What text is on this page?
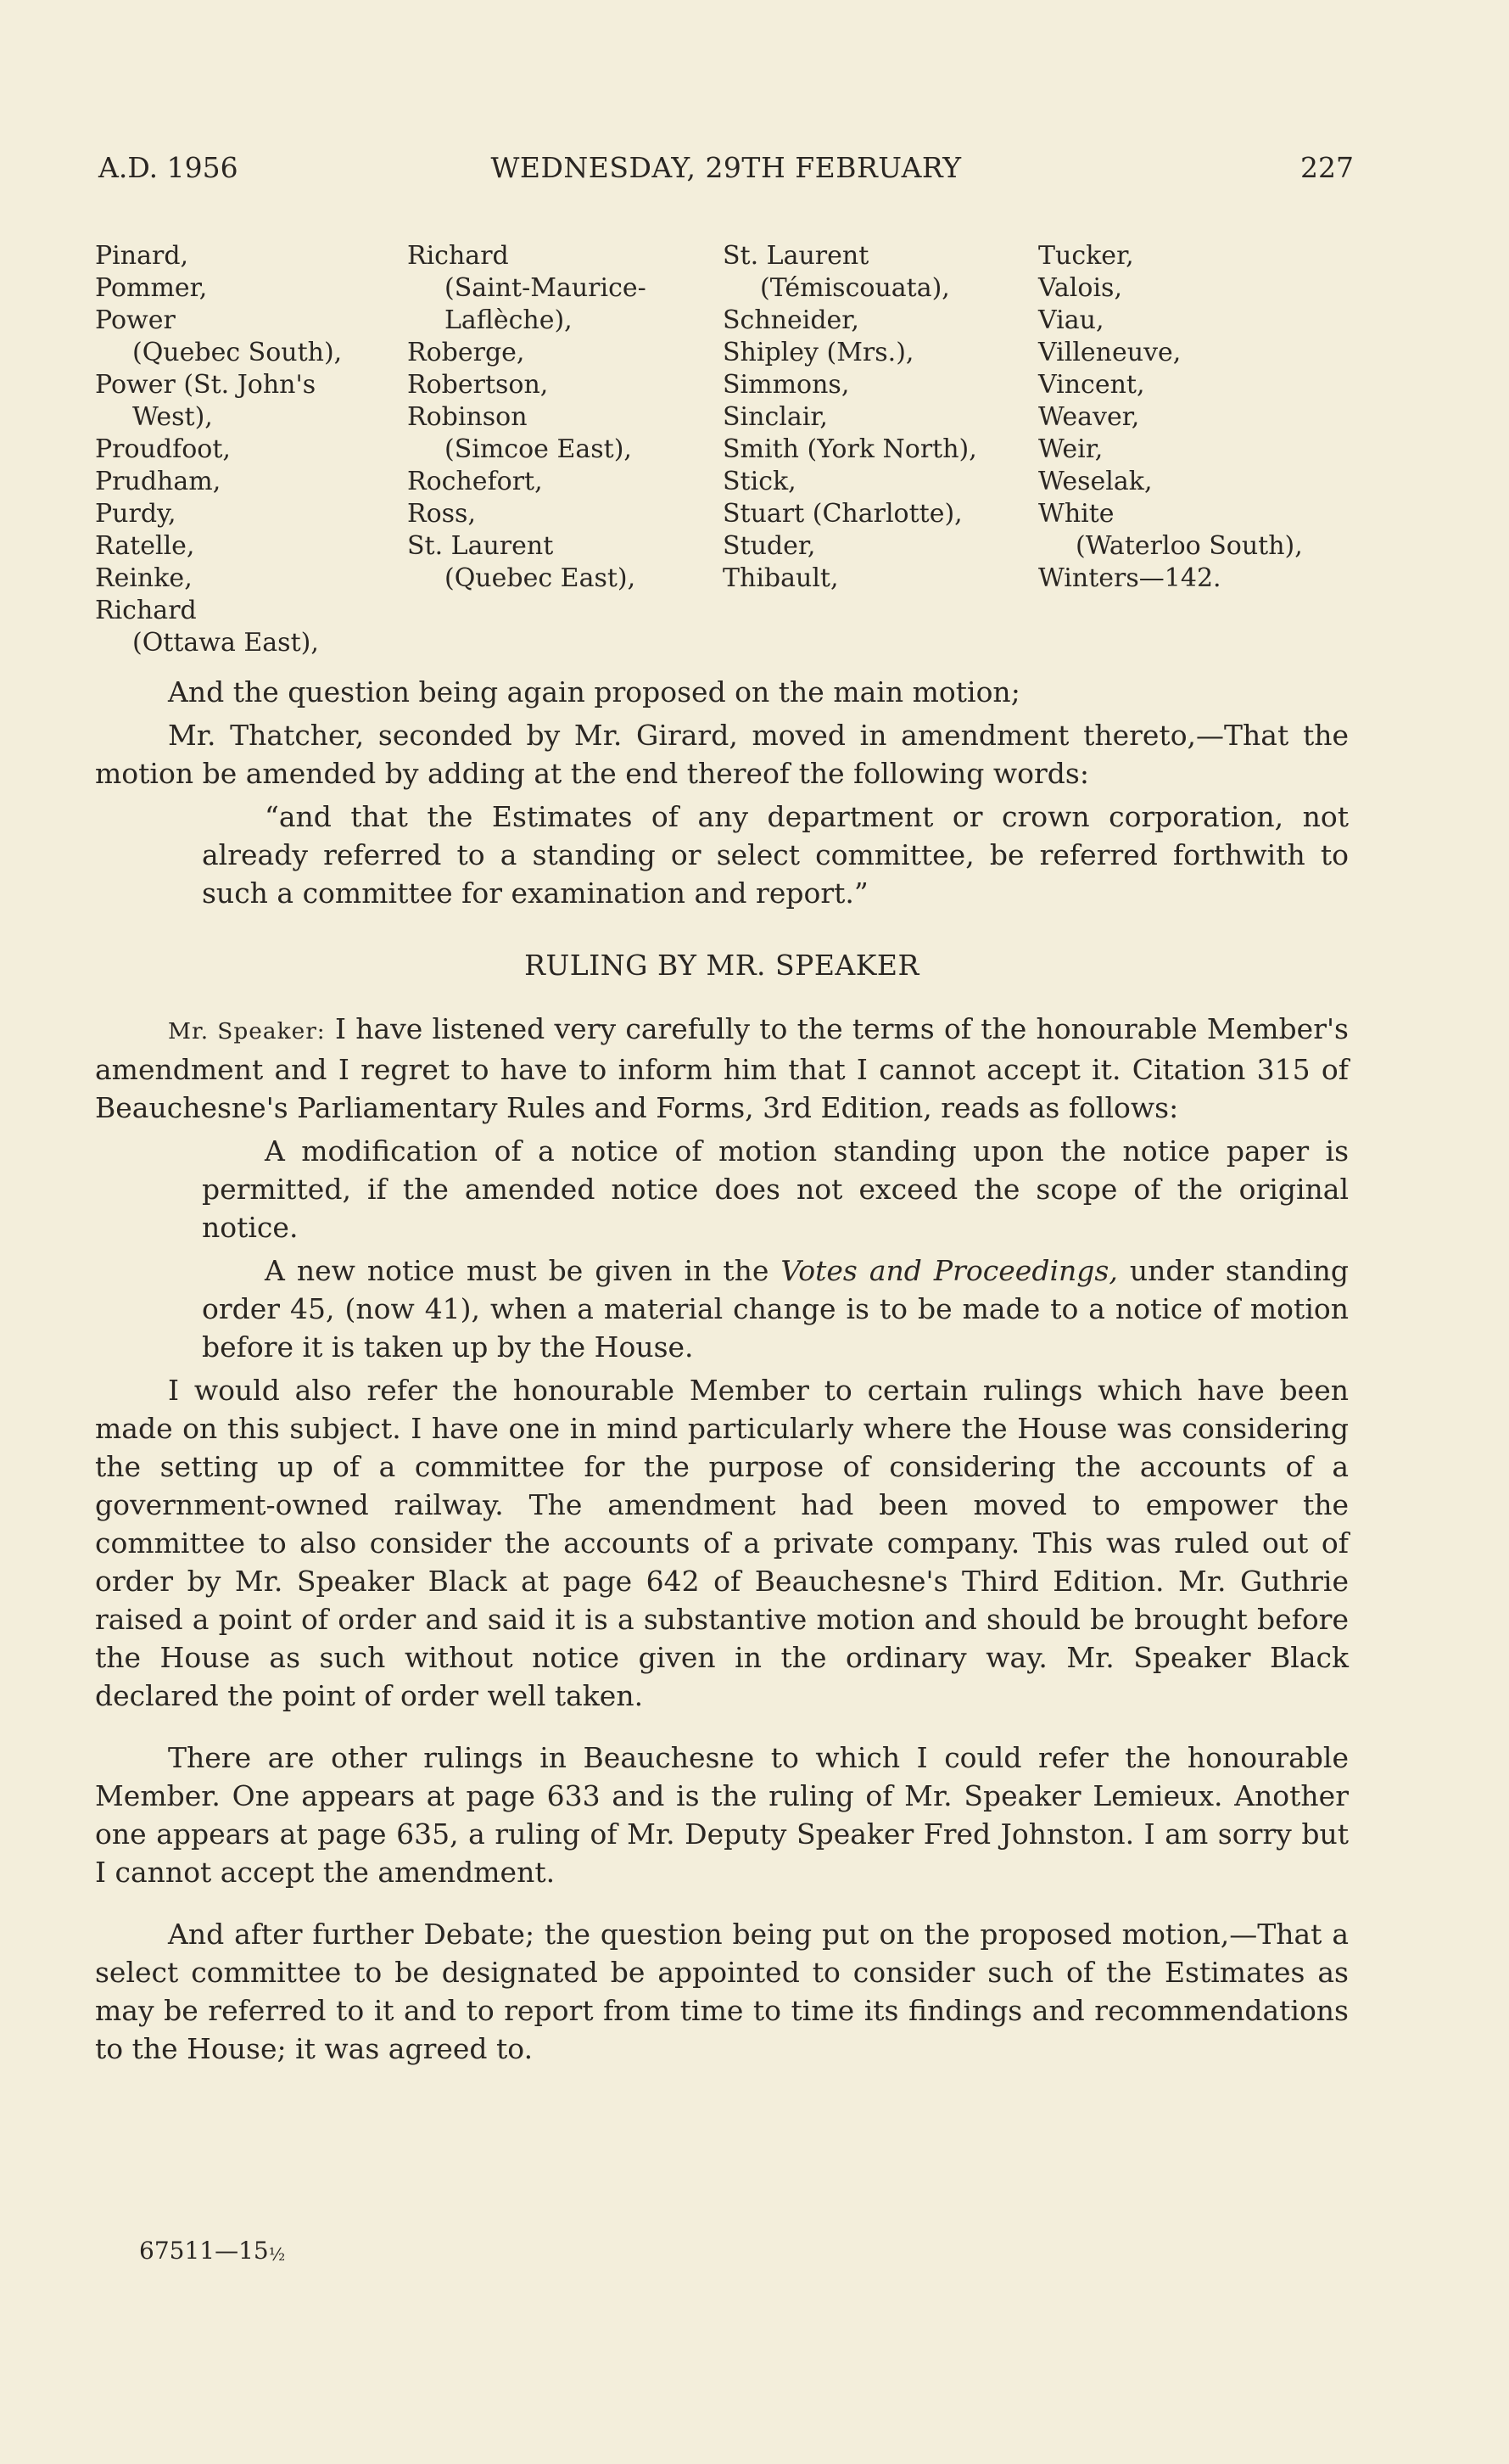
A.D. 1956	WEDNESDAY, 29TH FEBRUARY	227
Pinard,
Pommer,
Power
(Quebec South),
Power (St. John's
West),
Proudfoot,
Prudham,
Purdy,
Ratelle,
Reinke,
Richard
(Ottawa East),
Richard
(Saint-Maurice-
Laflèche),
Roberge,
Robertson,
Robinson
(Simcoe East),
Rochefort,
Ross,
St. Laurent
(Quebec East),
St. Laurent
(Témiscouata),
Schneider,
Shipley (Mrs.),
Simmons,
Sinclair,
Smith (York North),
Stick,
Stuart (Charlotte),
Studer,
Thibault,
Tucker,
Valois,
Viau,
Villeneuve,
Vincent,
Weaver,
Weir,
Weselak,
White
(Waterloo South),
Winters—142.

And the question being again proposed on the main motion;

Mr. Thatcher, seconded by Mr. Girard, moved in amendment thereto,—That the motion be amended by adding at the end thereof the following words:

“and that the Estimates of any department or crown corporation, not already referred to a standing or select committee, be referred forthwith to such a committee for examination and report.”

RULING BY MR. SPEAKER

Mr. Speaker: I have listened very carefully to the terms of the honourable Member's amendment and I regret to have to inform him that I cannot accept it. Citation 315 of Beauchesne's Parliamentary Rules and Forms, 3rd Edition, reads as follows:

A modification of a notice of motion standing upon the notice paper is permitted, if the amended notice does not exceed the scope of the original notice.

A new notice must be given in the Votes and Proceedings, under standing order 45, (now 41), when a material change is to be made to a notice of motion before it is taken up by the House.

I would also refer the honourable Member to certain rulings which have been made on this subject. I have one in mind particularly where the House was considering the setting up of a committee for the purpose of considering the accounts of a government-owned railway. The amendment had been moved to empower the committee to also consider the accounts of a private company. This was ruled out of order by Mr. Speaker Black at page 642 of Beauchesne's Third Edition. Mr. Guthrie raised a point of order and said it is a substantive motion and should be brought before the House as such without notice given in the ordinary way. Mr. Speaker Black declared the point of order well taken.

There are other rulings in Beauchesne to which I could refer the honourable Member. One appears at page 633 and is the ruling of Mr. Speaker Lemieux. Another one appears at page 635, a ruling of Mr. Deputy Speaker Fred Johnston. I am sorry but I cannot accept the amendment.

And after further Debate; the question being put on the proposed motion,—That a select committee to be designated be appointed to consider such of the Estimates as may be referred to it and to report from time to time its findings and recommendations to the House; it was agreed to.

67511—15½
